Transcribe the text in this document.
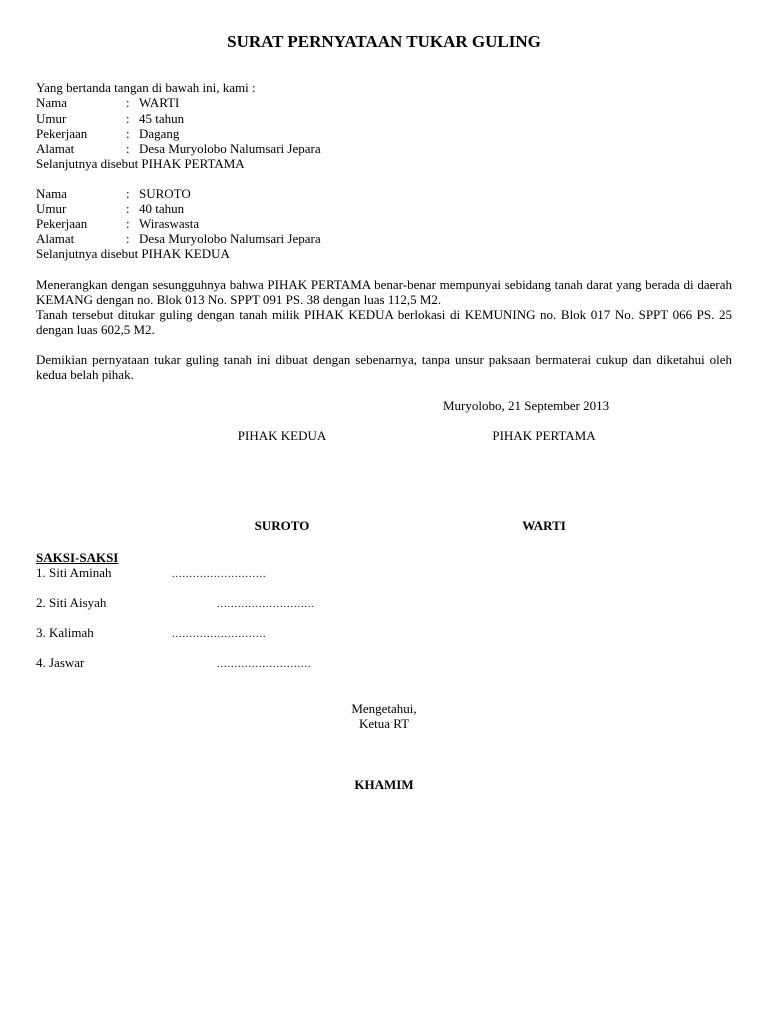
SURAT PERNYATAAN TUKAR GULING
Yang bertanda tangan di bawah ini, kami :
Nama	: WARTI
Umur	: 45 tahun
Pekerjaan	: Dagang
Alamat	: Desa Muryolobo Nalumsari Jepara
Selanjutnya disebut PIHAK PERTAMA
Nama	: SUROTO
Umur	: 40 tahun
Pekerjaan	: Wiraswasta
Alamat	: Desa Muryolobo Nalumsari Jepara
Selanjutnya disebut PIHAK KEDUA
Menerangkan dengan sesungguhnya bahwa PIHAK PERTAMA benar-benar mempunyai sebidang tanah darat yang berada di daerah KEMANG dengan no. Blok 013 No. SPPT 091 PS. 38 dengan luas 112,5 M2.
Tanah tersebut ditukar guling dengan tanah milik PIHAK KEDUA berlokasi di KEMUNING no. Blok 017 No. SPPT 066 PS. 25 dengan luas 602,5 M2.
Demikian pernyataan tukar guling tanah ini dibuat dengan sebenarnya, tanpa unsur paksaan bermaterai cukup dan diketahui oleh kedua belah pihak.
Muryolobo, 21 September 2013
PIHAK KEDUA	PIHAK PERTAMA
SUROTO	WARTI
SAKSI-SAKSI
1. Siti Aminah	...........................
2. Siti Aisyah	............................
3. Kalimah	...........................
4. Jaswar	...........................
Mengetahui,
Ketua RT
KHAMIM
